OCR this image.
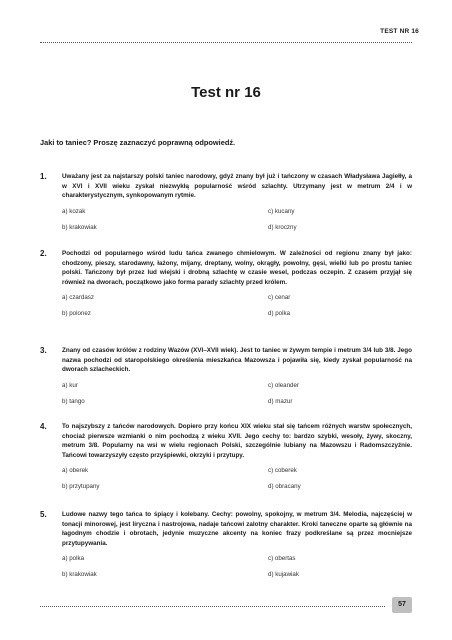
TEST NR 16
Test nr 16
Jaki to taniec? Proszę zaznaczyć poprawną odpowiedź.
1. Uważany jest za najstarszy polski taniec narodowy, gdyż znany był już i tańczony w czasach Władysława Jagiełły, a w XVI i XVII wieku zyskał niezwykłą popularność wśród szlachty. Utrzymany jest w metrum 2/4 i w charakterystycznym, synkopowanym rytmie.
a) kozak	c) kucany
b) krakowiak	d) kroczny
2. Pochodzi od popularnego wśród ludu tańca zwanego chmielowym. W zależności od regionu znany był jako: chodzony, pieszy, starodawny, łażony, mijany, dreptany, wolny, okrągły, powolny, gęsi, wielki lub po prostu taniec polski. Tańczony był przez lud wiejski i drobną szlachtę w czasie wesel, podczas oczepin. Z czasem przyjął się również na dworach, początkowo jako forma parady szlachty przed królem.
a) czardasz	c) cenar
b) polonez	d) polka
3. Znany od czasów królów z rodziny Wazów (XVI–XVII wiek). Jest to taniec w żywym tempie i metrum 3/4 lub 3/8. Jego nazwa pochodzi od staropolskiego określenia mieszkańca Mazowsza i pojawiła się, kiedy zyskał popularność na dworach szlacheckich.
a) kur	c) oleander
b) tango	d) mazur
4. To najszybszy z tańców narodowych. Dopiero przy końcu XIX wieku stał się tańcem różnych warstw społecznych, chociaż pierwsze wzmianki o nim pochodzą z wieku XVII. Jego cechy to: bardzo szybki, wesoły, żywy, skoczny, metrum 3/8. Popularny na wsi w wielu regionach Polski, szczególnie lubiany na Mazowszu i Radomszczyźnie. Tańcowi towarzyszyły często przyśpiewki, okrzyki i przytupy.
a) oberek	c) coberek
b) przytupany	d) obracany
5. Ludowe nazwy tego tańca to śpiący i kolebany. Cechy: powolny, spokojny, w metrum 3/4. Melodia, najczęściej w tonacji minorowej, jest liryczna i nastrojowa, nadaje tańcowi zalotny charakter. Kroki taneczne oparte są głównie na łagodnym chodzie i obrotach, jedynie muzyczne akcenty na koniec frazy podkreślane są przez mocniejsze przytupywania.
a) polka	c) obertas
b) krakowiak	d) kujawiak
57
